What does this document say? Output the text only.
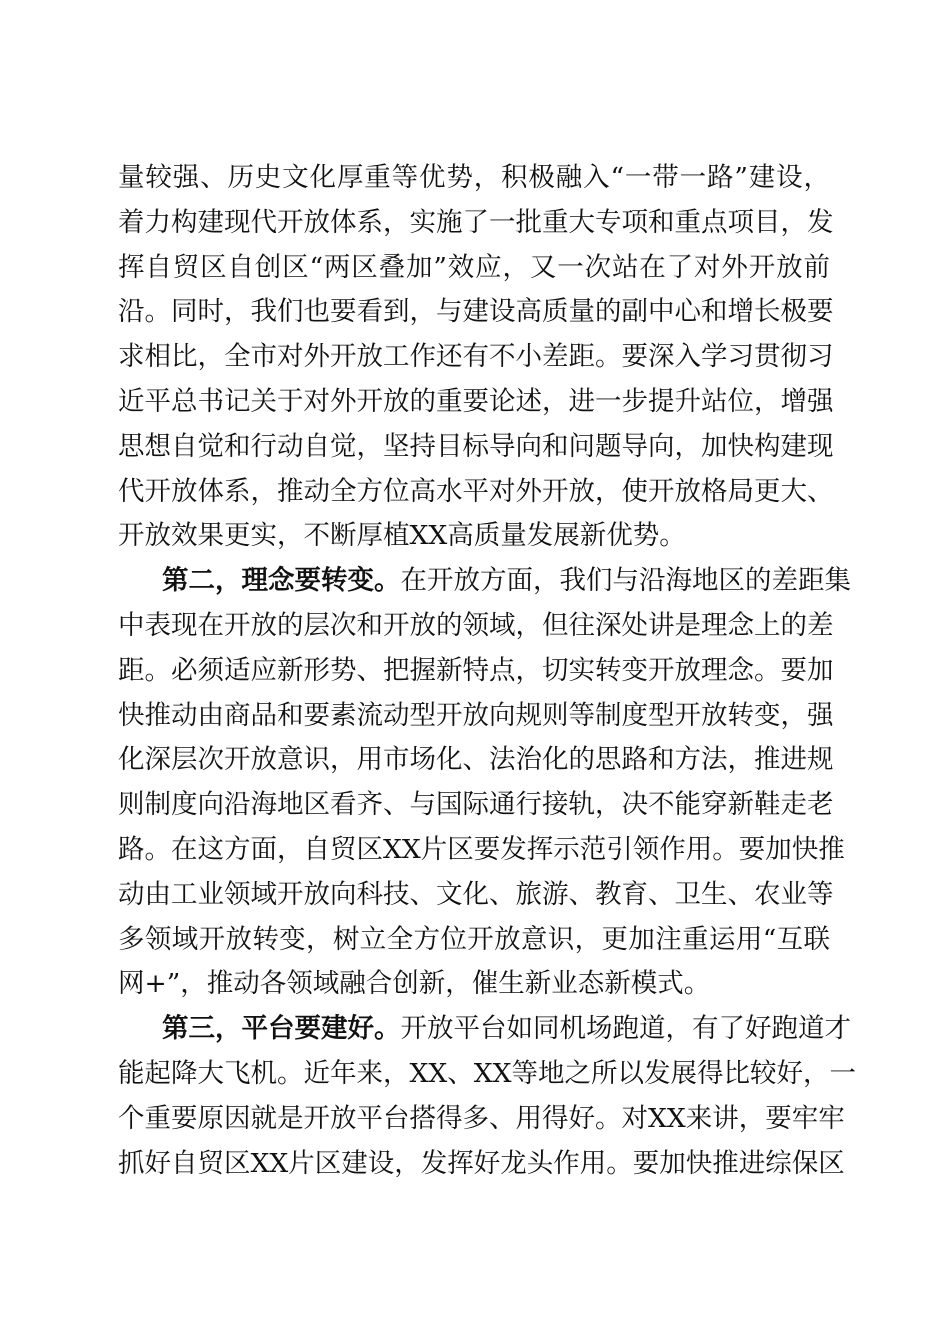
量较强、历史文化厚重等优势，积极融入“一带一路”建设，
着力构建现代开放体系，实施了一批重大专项和重点项目，发
挥自贸区自创区“两区叠加”效应，又一次站在了对外开放前
沿。同时，我们也要看到，与建设高质量的副中心和增长极要
求相比，全市对外开放工作还有不小差距。要深入学习贯彻习
近平总书记关于对外开放的重要论述，进一步提升站位，增强
思想自觉和行动自觉，坚持目标导向和问题导向，加快构建现
代开放体系，推动全方位高水平对外开放，使开放格局更大、
开放效果更实，不断厚植XX高质量发展新优势。
第二，理念要转变。在开放方面，我们与沿海地区的差距集
中表现在开放的层次和开放的领域，但往深处讲是理念上的差
距。必须适应新形势、把握新特点，切实转变开放理念。要加
快推动由商品和要素流动型开放向规则等制度型开放转变，强
化深层次开放意识，用市场化、法治化的思路和方法，推进规
则制度向沿海地区看齐、与国际通行接轨，决不能穿新鞋走老
路。在这方面，自贸区XX片区要发挥示范引领作用。要加快推
动由工业领域开放向科技、文化、旅游、教育、卫生、农业等
多领域开放转变，树立全方位开放意识，更加注重运用“互联
网+”，推动各领域融合创新，催生新业态新模式。
第三，平台要建好。开放平台如同机场跑道，有了好跑道才
能起降大飞机。近年来，XX、XX等地之所以发展得比较好，一
个重要原因就是开放平台搭得多、用得好。对XX来讲，要牢牢
抓好自贸区XX片区建设，发挥好龙头作用。要加快推进综保区
